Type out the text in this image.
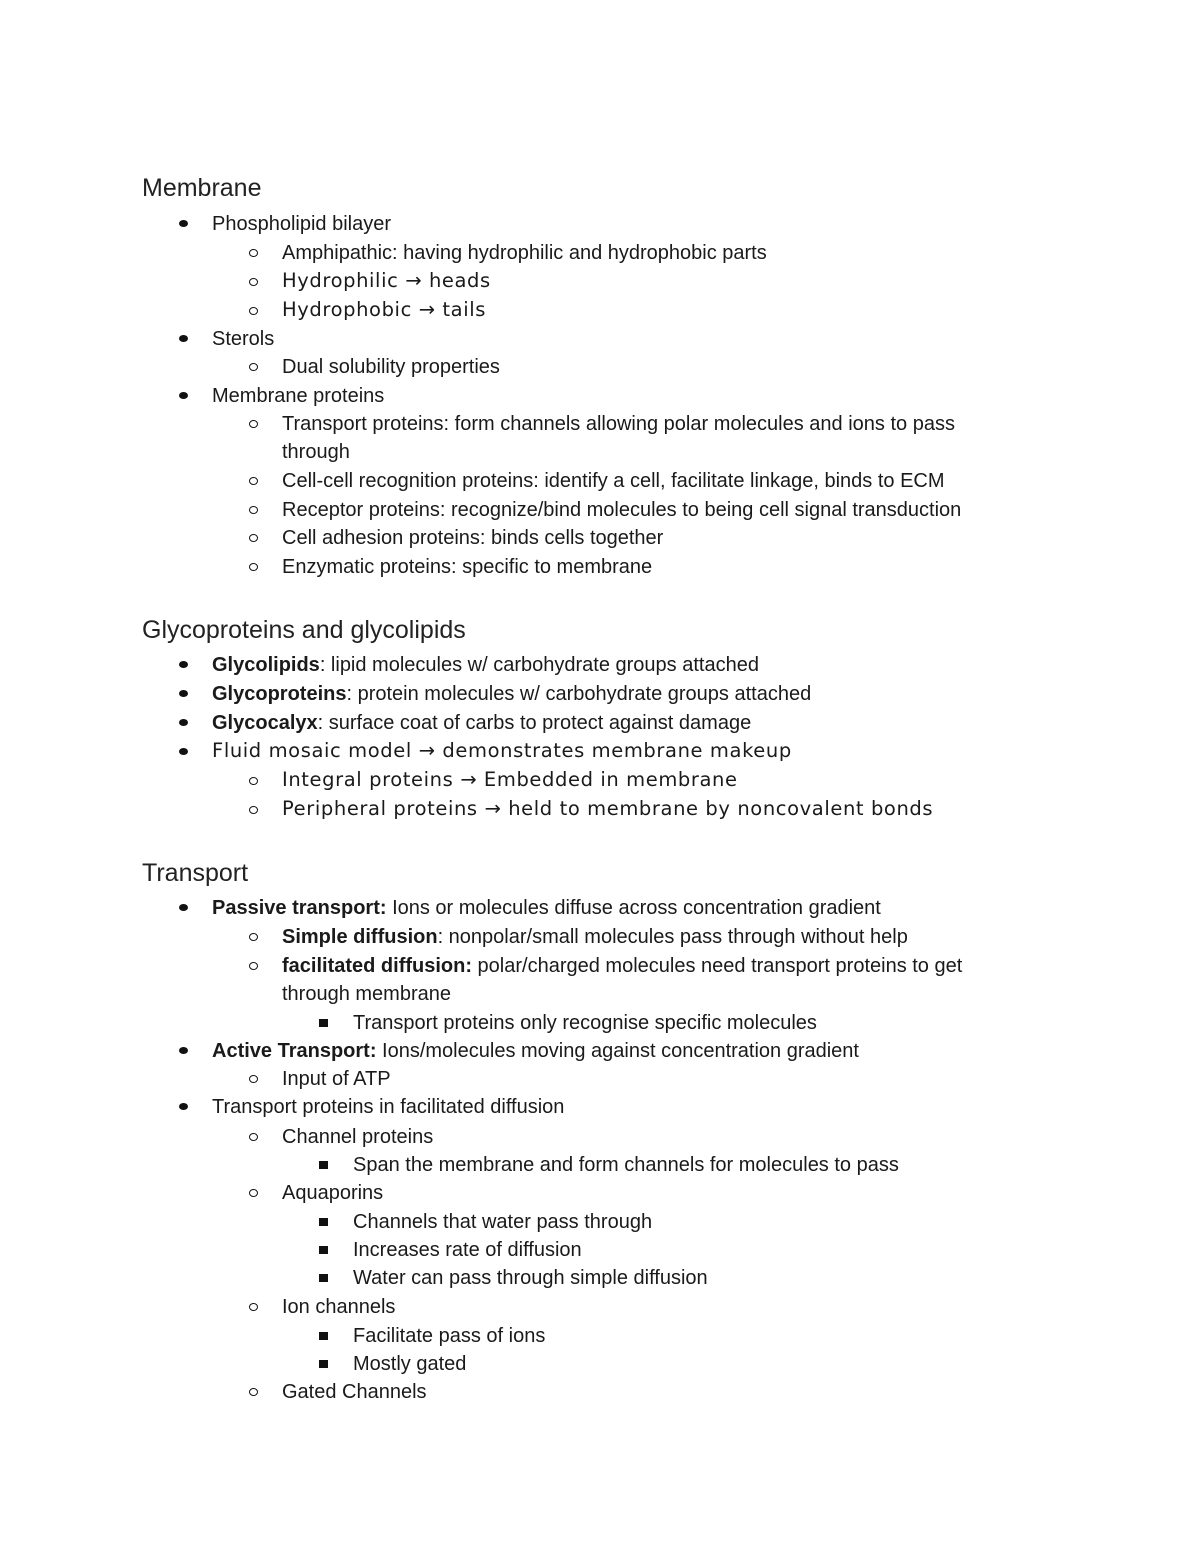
Membrane
Phospholipid bilayer
Amphipathic: having hydrophilic and hydrophobic parts
Hydrophilic → heads
Hydrophobic → tails
Sterols
Dual solubility properties
Membrane proteins
Transport proteins: form channels allowing polar molecules and ions to pass
through
Cell-cell recognition proteins: identify a cell, facilitate linkage, binds to ECM
Receptor proteins: recognize/bind molecules to being cell signal transduction
Cell adhesion proteins: binds cells together
Enzymatic proteins: specific to membrane
Glycoproteins and glycolipids
Glycolipids: lipid molecules w/ carbohydrate groups attached
Glycoproteins: protein molecules w/ carbohydrate groups attached
Glycocalyx: surface coat of carbs to protect against damage
Fluid mosaic model → demonstrates membrane makeup
Integral proteins → Embedded in membrane
Peripheral proteins → held to membrane by noncovalent bonds
Transport
Passive transport: Ions or molecules diffuse across concentration gradient
Simple diffusion: nonpolar/small molecules pass through without help
facilitated diffusion: polar/charged molecules need transport proteins to get
through membrane
Transport proteins only recognise specific molecules
Active Transport: Ions/molecules moving against concentration gradient
Input of ATP
Transport proteins in facilitated diffusion
Channel proteins
Span the membrane and form channels for molecules to pass
Aquaporins
Channels that water pass through
Increases rate of diffusion
Water can pass through simple diffusion
Ion channels
Facilitate pass of ions
Mostly gated
Gated Channels
